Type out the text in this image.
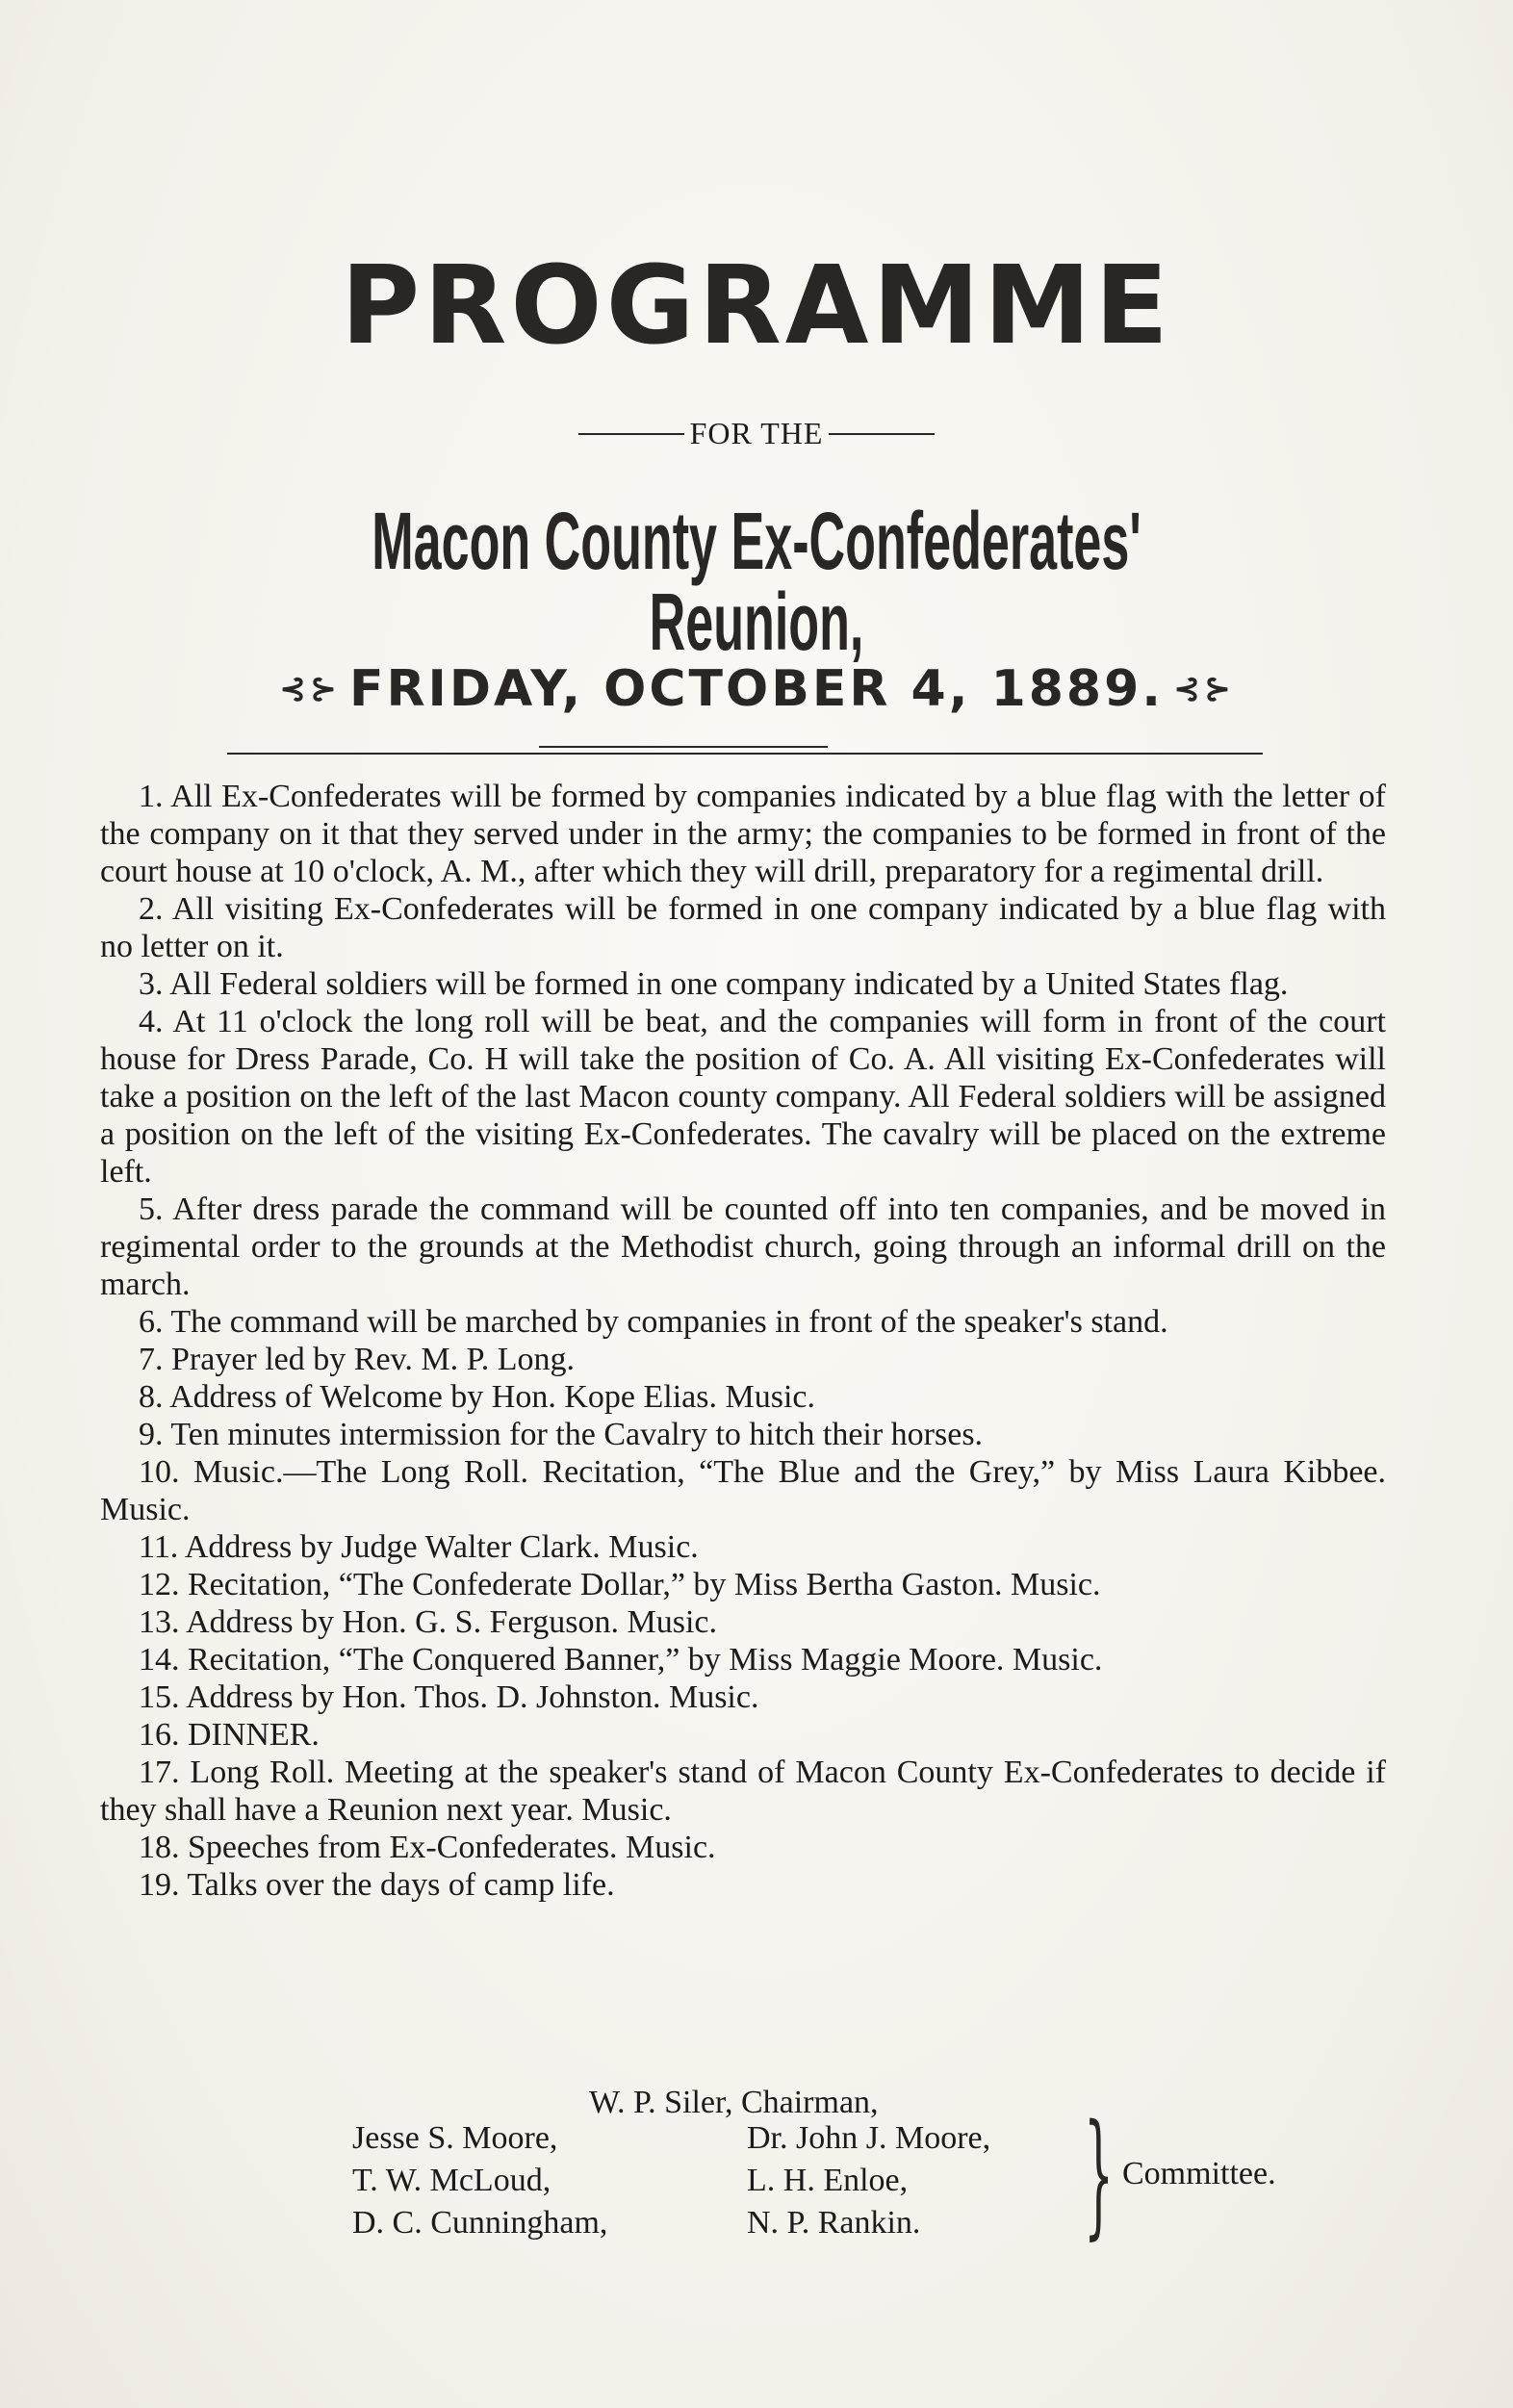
PROGRAMME
FOR THE
Macon County Ex-Confederates' Reunion,
⊰⊱ FRIDAY, OCTOBER 4, 1889. ⊰⊱

1. All Ex-Confederates will be formed by companies indicated by a blue flag with the letter of the company on it that they served under in the army; the companies to be formed in front of the court house at 10 o'clock, A. M., after which they will drill, preparatory for a regimental drill.

2. All visiting Ex-Confederates will be formed in one company indicated by a blue flag with no letter on it.

3. All Federal soldiers will be formed in one company indicated by a United States flag.

4. At 11 o'clock the long roll will be beat, and the companies will form in front of the court house for Dress Parade, Co. H will take the position of Co. A. All visiting Ex-Confederates will take a position on the left of the last Macon county company. All Federal soldiers will be assigned a position on the left of the visiting Ex-Confederates. The cavalry will be placed on the extreme left.

5. After dress parade the command will be counted off into ten companies, and be moved in regimental order to the grounds at the Methodist church, going through an informal drill on the march.

6. The command will be marched by companies in front of the speaker's stand.

7. Prayer led by Rev. M. P. Long.

8. Address of Welcome by Hon. Kope Elias. Music.

9. Ten minutes intermission for the Cavalry to hitch their horses.

10. Music.—The Long Roll. Recitation, “The Blue and the Grey,” by Miss Laura Kibbee. Music.

11. Address by Judge Walter Clark. Music.

12. Recitation, “The Confederate Dollar,” by Miss Bertha Gaston. Music.

13. Address by Hon. G. S. Ferguson. Music.

14. Recitation, “The Conquered Banner,” by Miss Maggie Moore. Music.

15. Address by Hon. Thos. D. Johnston. Music.

16. DINNER.

17. Long Roll. Meeting at the speaker's stand of Macon County Ex-Confederates to decide if they shall have a Reunion next year. Music.

18. Speeches from Ex-Confederates. Music.

19. Talks over the days of camp life.

W. P. Siler, Chairman,
Jesse S. Moore,
T. W. McLoud,
D. C. Cunningham,
Dr. John J. Moore,
L. H. Enloe,
N. P. Rankin.	} Committee.
